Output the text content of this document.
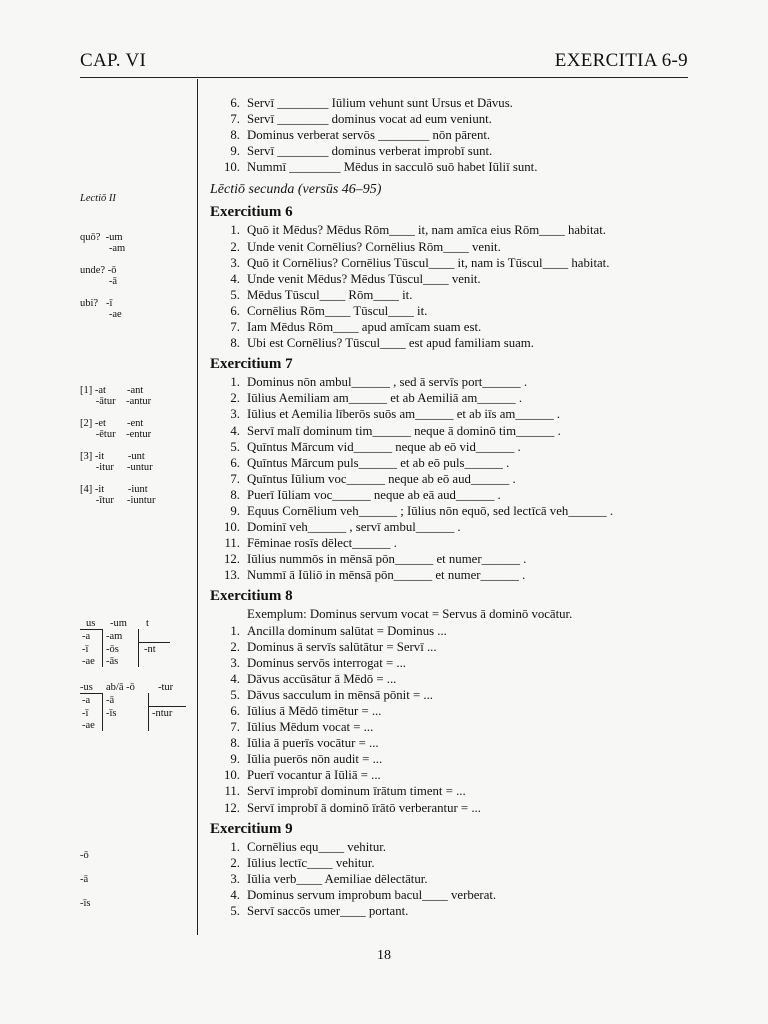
CAP. VI	EXERCITIA 6-9
Lectiō II
quō?  -um
-am

unde? -ō
-ā

ubi?   -ī
-ae
[1] -at        -ant
-ātur    -antur

[2] -et        -ent
-ētur    -entur

[3] -it         -unt
-itur     -untur

[4] -it         -iunt
-ītur     -iuntur
us -um t
-a -am
-ī -ōs -nt
-ae -ās
-us ab/ā -ō -tur
-a -ā
-ī -īs	-ntur
-ae
-ō

-ā

-īs
6. Servī ________ Iūlium vehunt sunt Ursus et Dāvus.
7. Servī ________ dominus vocat ad eum veniunt.
8. Dominus verberat servōs ________ nōn pārent.
9. Servī ________ dominus verberat improbī sunt.
10. Nummī ________ Mēdus in sacculō suō habet Iūliī sunt.
Lēctiō secunda (versūs 46–95)
Exercitium 6
1. Quō it Mēdus? Mēdus Rōm____ it, nam amīca eius Rōm____ habitat.
2. Unde venit Cornēlius? Cornēlius Rōm____ venit.
3. Quō it Cornēlius? Cornēlius Tūscul____ it, nam is Tūscul____ habitat.
4. Unde venit Mēdus? Mēdus Tūscul____ venit.
5. Mēdus Tūscul____ Rōm____ it.
6. Cornēlius Rōm____ Tūscul____ it.
7. Iam Mēdus Rōm____ apud amīcam suam est.
8. Ubi est Cornēlius? Tūscul____ est apud familiam suam.
Exercitium 7
1. Dominus nōn ambul______ , sed ā servīs port______ .
2. Iūlius Aemiliam am______ et ab Aemiliā am______ .
3. Iūlius et Aemilia līberōs suōs am______ et ab iīs am______ .
4. Servī malī dominum tim______ neque ā dominō tim______ .
5. Quīntus Mārcum vid______ neque ab eō vid______ .
6. Quīntus Mārcum puls______ et ab eō puls______ .
7. Quīntus Iūlium voc______ neque ab eō aud______ .
8. Puerī Iūliam voc______ neque ab eā aud______ .
9. Equus Cornēlium veh______ ; Iūlius nōn equō, sed lectīcā veh______ .
10. Dominī veh______ , servī ambul______ .
11. Fēminae rosīs dēlect______ .
12. Iūlius nummōs in mēnsā pōn______ et numer______ .
13. Nummī ā Iūliō in mēnsā pōn______ et numer______ .
Exercitium 8
Exemplum: Dominus servum vocat = Servus ā dominō vocātur.
1. Ancilla dominum salūtat = Dominus ...
2. Dominus ā servīs salūtātur = Servī ...
3. Dominus servōs interrogat = ...
4. Dāvus accūsātur ā Mēdō = ...
5. Dāvus sacculum in mēnsā pōnit = ...
6. Iūlius ā Mēdō timētur = ...
7. Iūlius Mēdum vocat = ...
8. Iūlia ā puerīs vocātur = ...
9. Iūlia puerōs nōn audit = ...
10. Puerī vocantur ā Iūliā = ...
11. Servī improbī dominum īrātum timent = ...
12. Servī improbī ā dominō īrātō verberantur = ...
Exercitium 9
1. Cornēlius equ____ vehitur.
2. Iūlius lectīc____ vehitur.
3. Iūlia verb____ Aemiliae dēlectātur.
4. Dominus servum improbum bacul____ verberat.
5. Servī saccōs umer____ portant.
18
